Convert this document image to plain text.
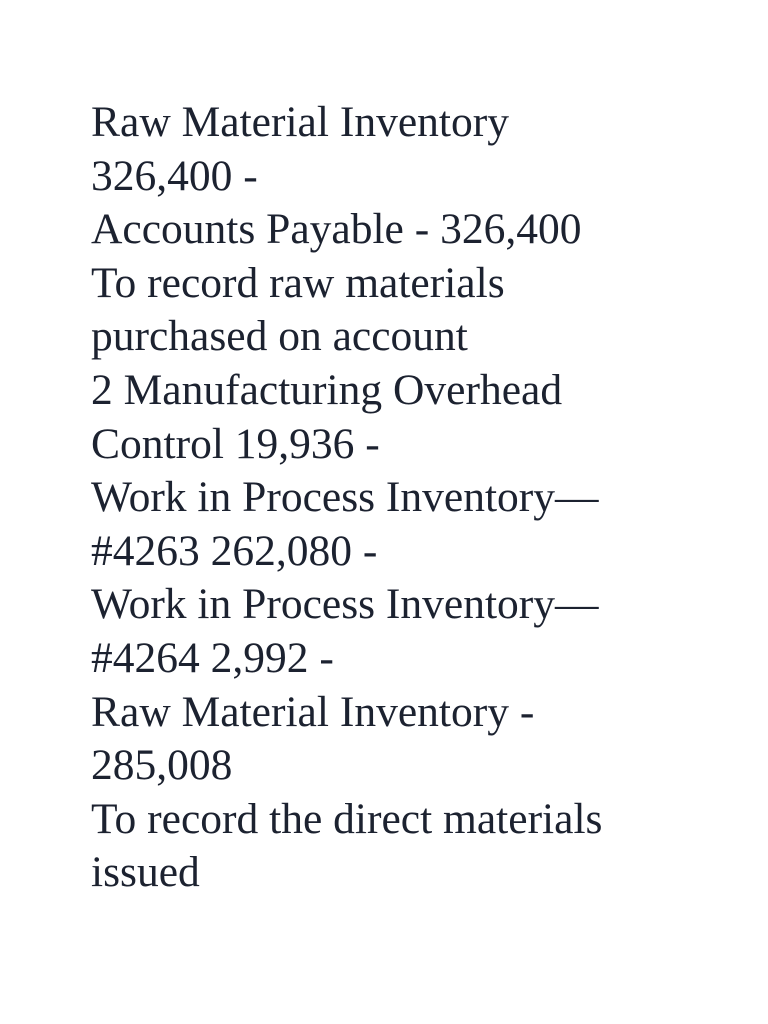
Raw Material Inventory
326,400 -
Accounts Payable - 326,400
To record raw materials
purchased on account
2 Manufacturing Overhead
Control 19,936 -
Work in Process Inventory—
#4263 262,080 -
Work in Process Inventory—
#4264 2,992 -
Raw Material Inventory -
285,008
To record the direct materials
issued
